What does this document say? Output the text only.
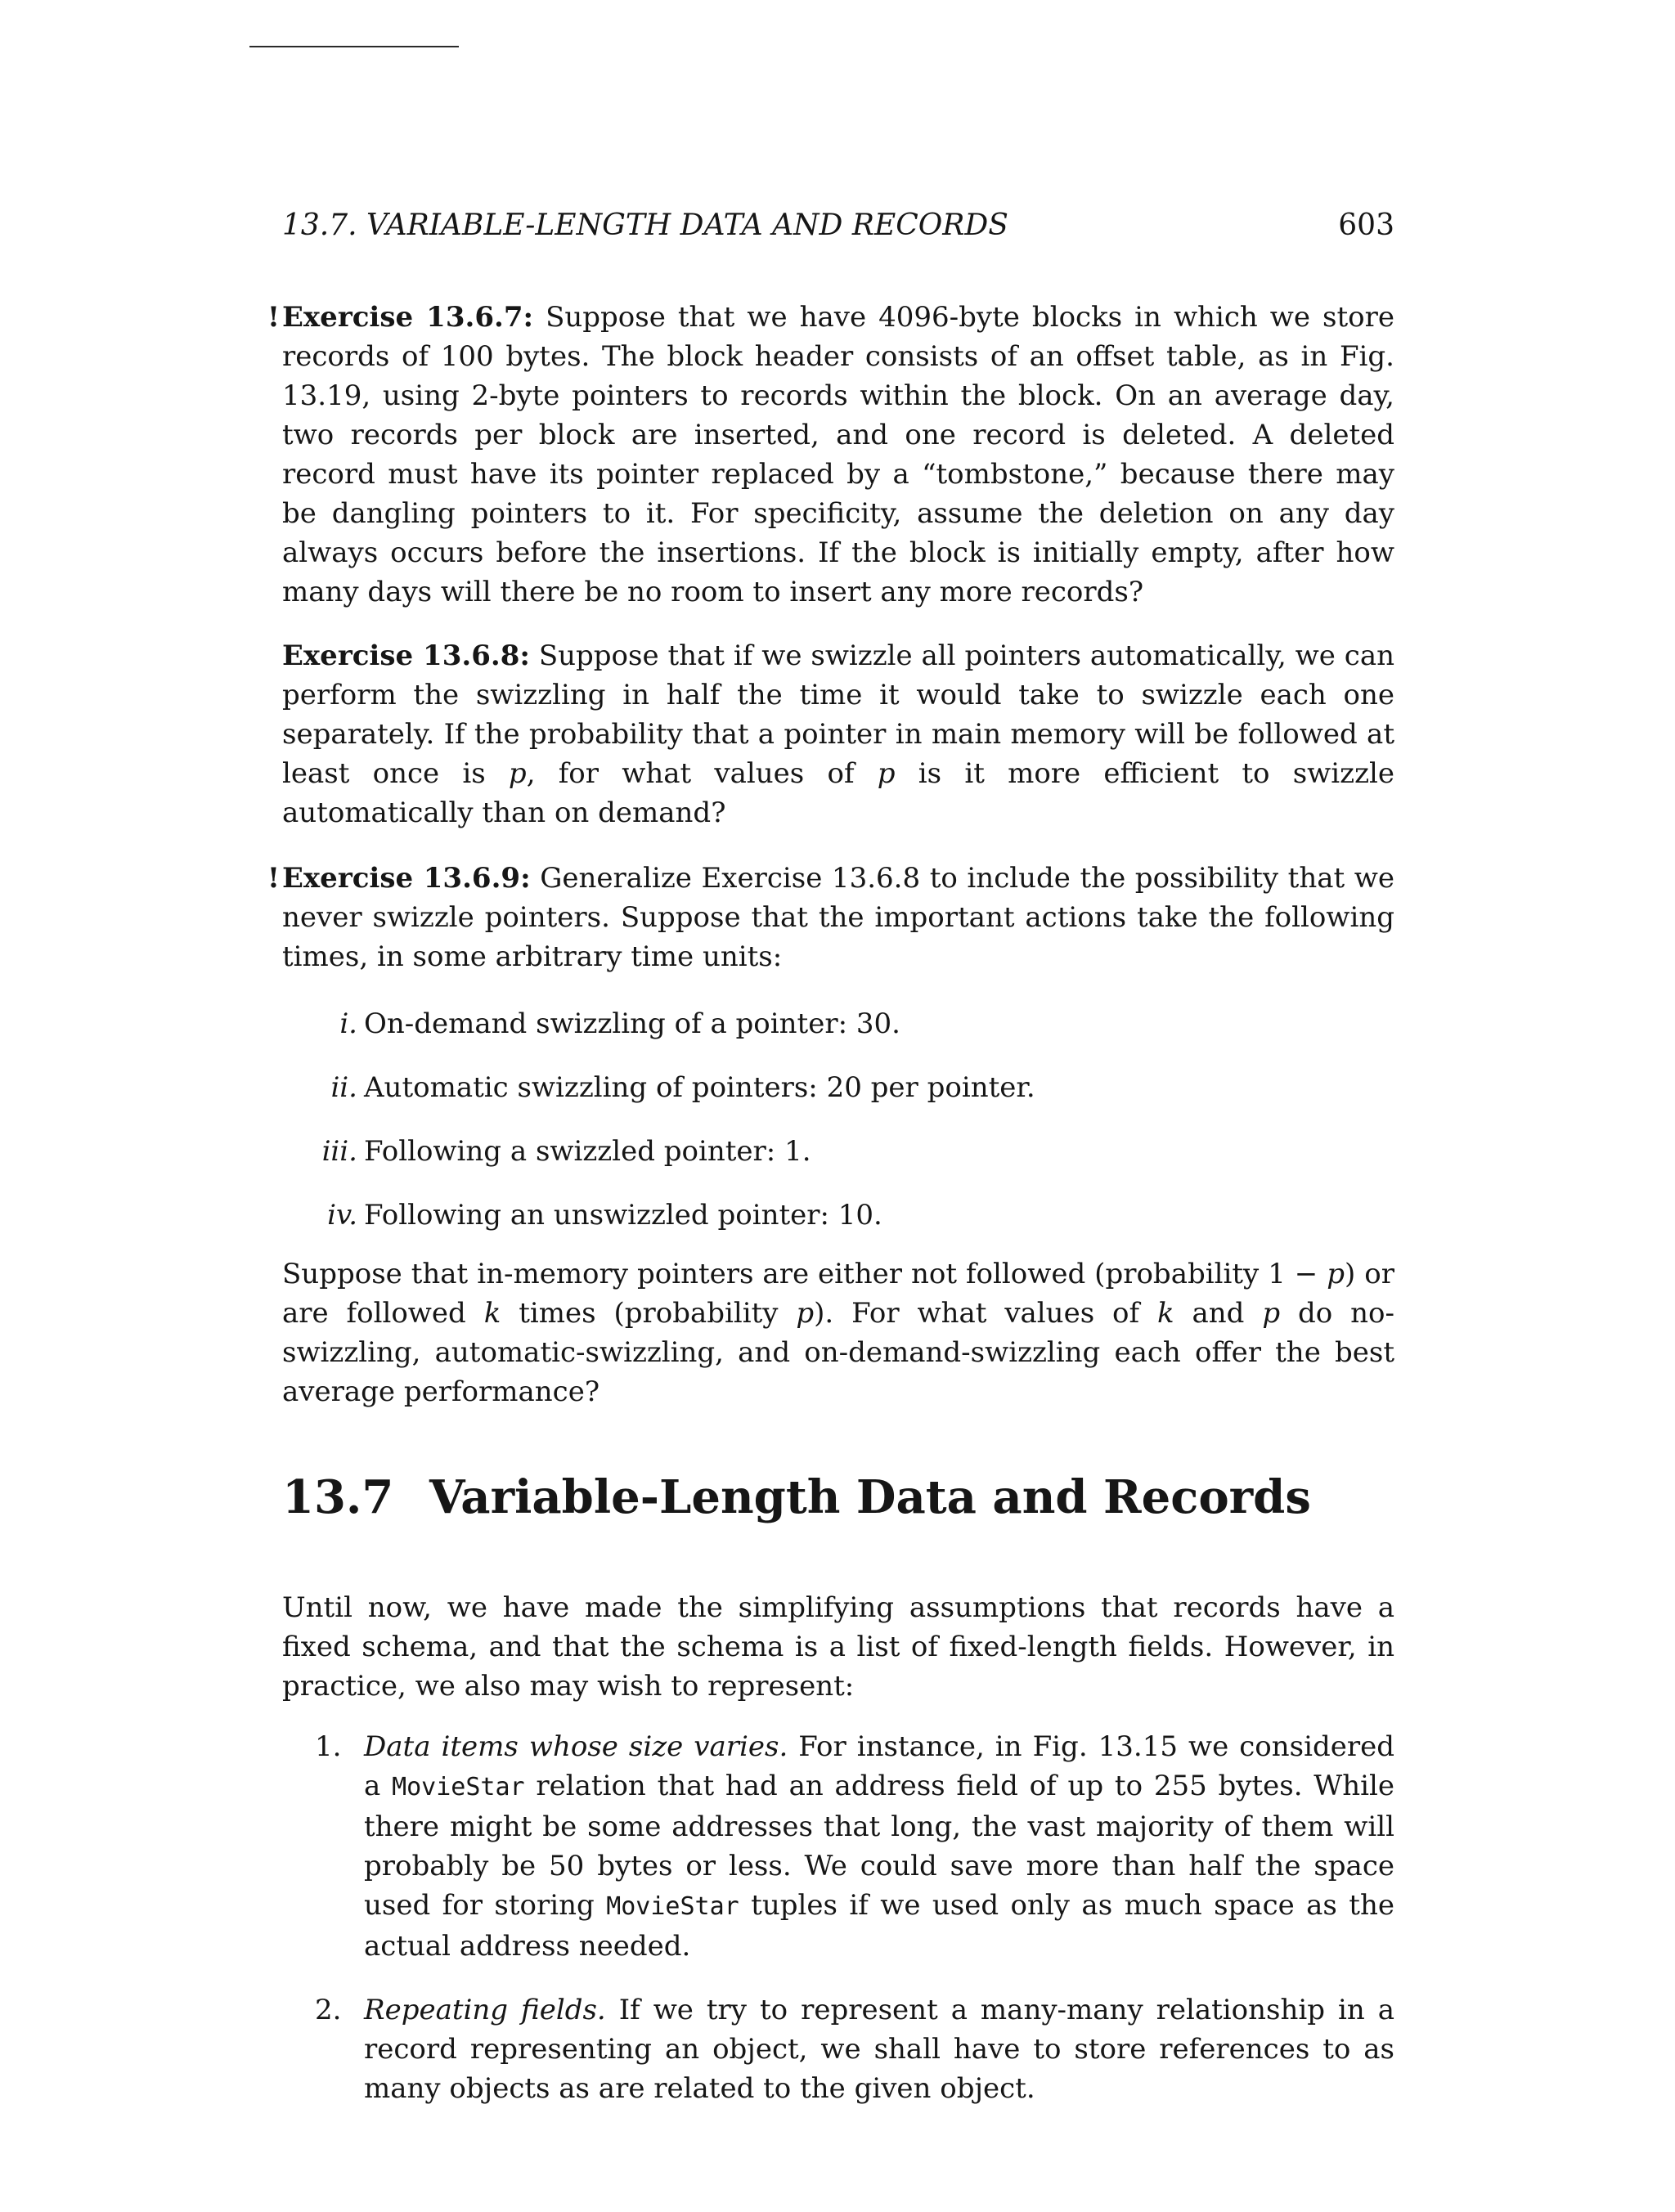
13.7. VARIABLE-LENGTH DATA AND RECORDS	603
! Exercise 13.6.7: Suppose that we have 4096-byte blocks in which we store records of 100 bytes. The block header consists of an offset table, as in Fig. 13.19, using 2-byte pointers to records within the block. On an average day, two records per block are inserted, and one record is deleted. A deleted record must have its pointer replaced by a “tombstone,” because there may be dangling pointers to it. For specificity, assume the deletion on any day always occurs before the insertions. If the block is initially empty, after how many days will there be no room to insert any more records?
Exercise 13.6.8: Suppose that if we swizzle all pointers automatically, we can perform the swizzling in half the time it would take to swizzle each one separately. If the probability that a pointer in main memory will be followed at least once is p, for what values of p is it more efficient to swizzle automatically than on demand?
! Exercise 13.6.9: Generalize Exercise 13.6.8 to include the possibility that we never swizzle pointers. Suppose that the important actions take the following times, in some arbitrary time units:
i. On-demand swizzling of a pointer: 30.
ii. Automatic swizzling of pointers: 20 per pointer.
iii. Following a swizzled pointer: 1.
iv. Following an unswizzled pointer: 10.
Suppose that in-memory pointers are either not followed (probability 1 − p) or are followed k times (probability p). For what values of k and p do no-swizzling, automatic-swizzling, and on-demand-swizzling each offer the best average performance?
13.7 Variable-Length Data and Records
Until now, we have made the simplifying assumptions that records have a fixed schema, and that the schema is a list of fixed-length fields. However, in practice, we also may wish to represent:
1. Data items whose size varies. For instance, in Fig. 13.15 we considered a MovieStar relation that had an address field of up to 255 bytes. While there might be some addresses that long, the vast majority of them will probably be 50 bytes or less. We could save more than half the space used for storing MovieStar tuples if we used only as much space as the actual address needed.
2. Repeating fields. If we try to represent a many-many relationship in a record representing an object, we shall have to store references to as many objects as are related to the given object.
